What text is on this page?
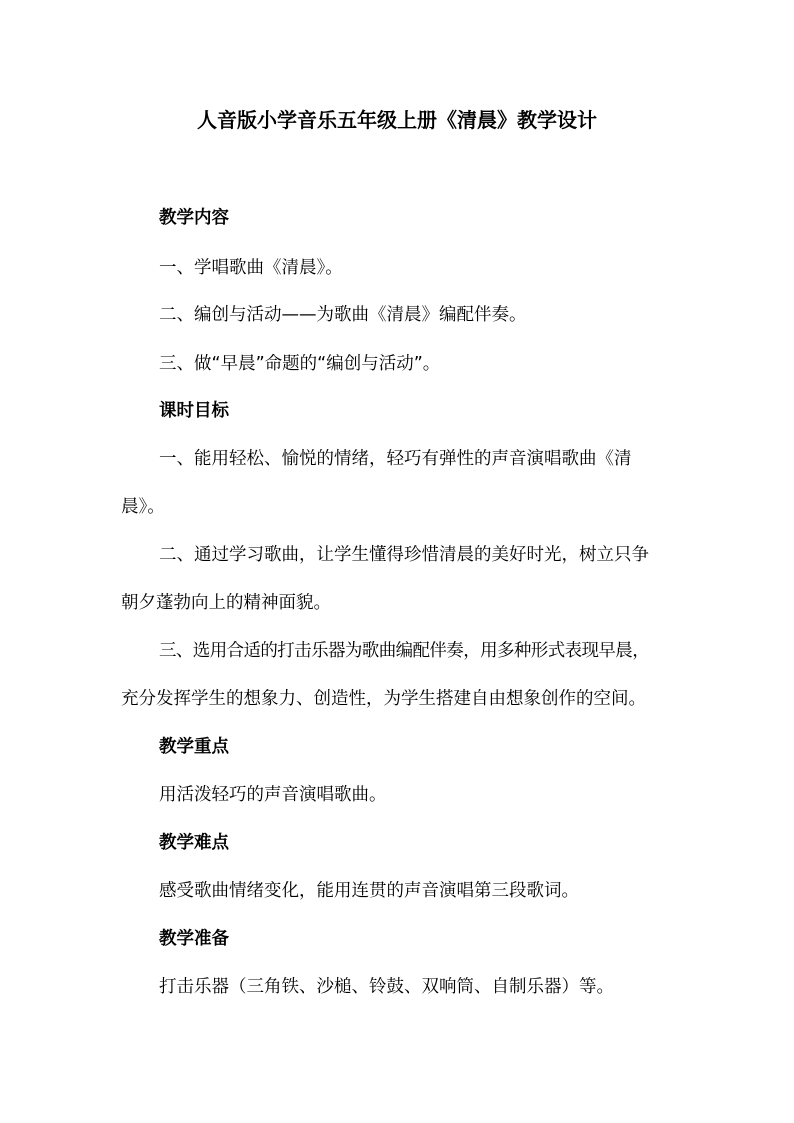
人音版小学音乐五年级上册《清晨》教学设计
教学内容
一、学唱歌曲《清晨》。
二、编创与活动——为歌曲《清晨》编配伴奏。
三、做“早晨”命题的“编创与活动”。
课时目标
一、能用轻松、愉悦的情绪，轻巧有弹性的声音演唱歌曲《清
晨》。
二、通过学习歌曲，让学生懂得珍惜清晨的美好时光，树立只争
朝夕蓬勃向上的精神面貌。
三、选用合适的打击乐器为歌曲编配伴奏，用多种形式表现早晨，
充分发挥学生的想象力、创造性，为学生搭建自由想象创作的空间。
教学重点
用活泼轻巧的声音演唱歌曲。
教学难点
感受歌曲情绪变化，能用连贯的声音演唱第三段歌词。
教学准备
打击乐器（三角铁、沙槌、铃鼓、双响筒、自制乐器）等。
